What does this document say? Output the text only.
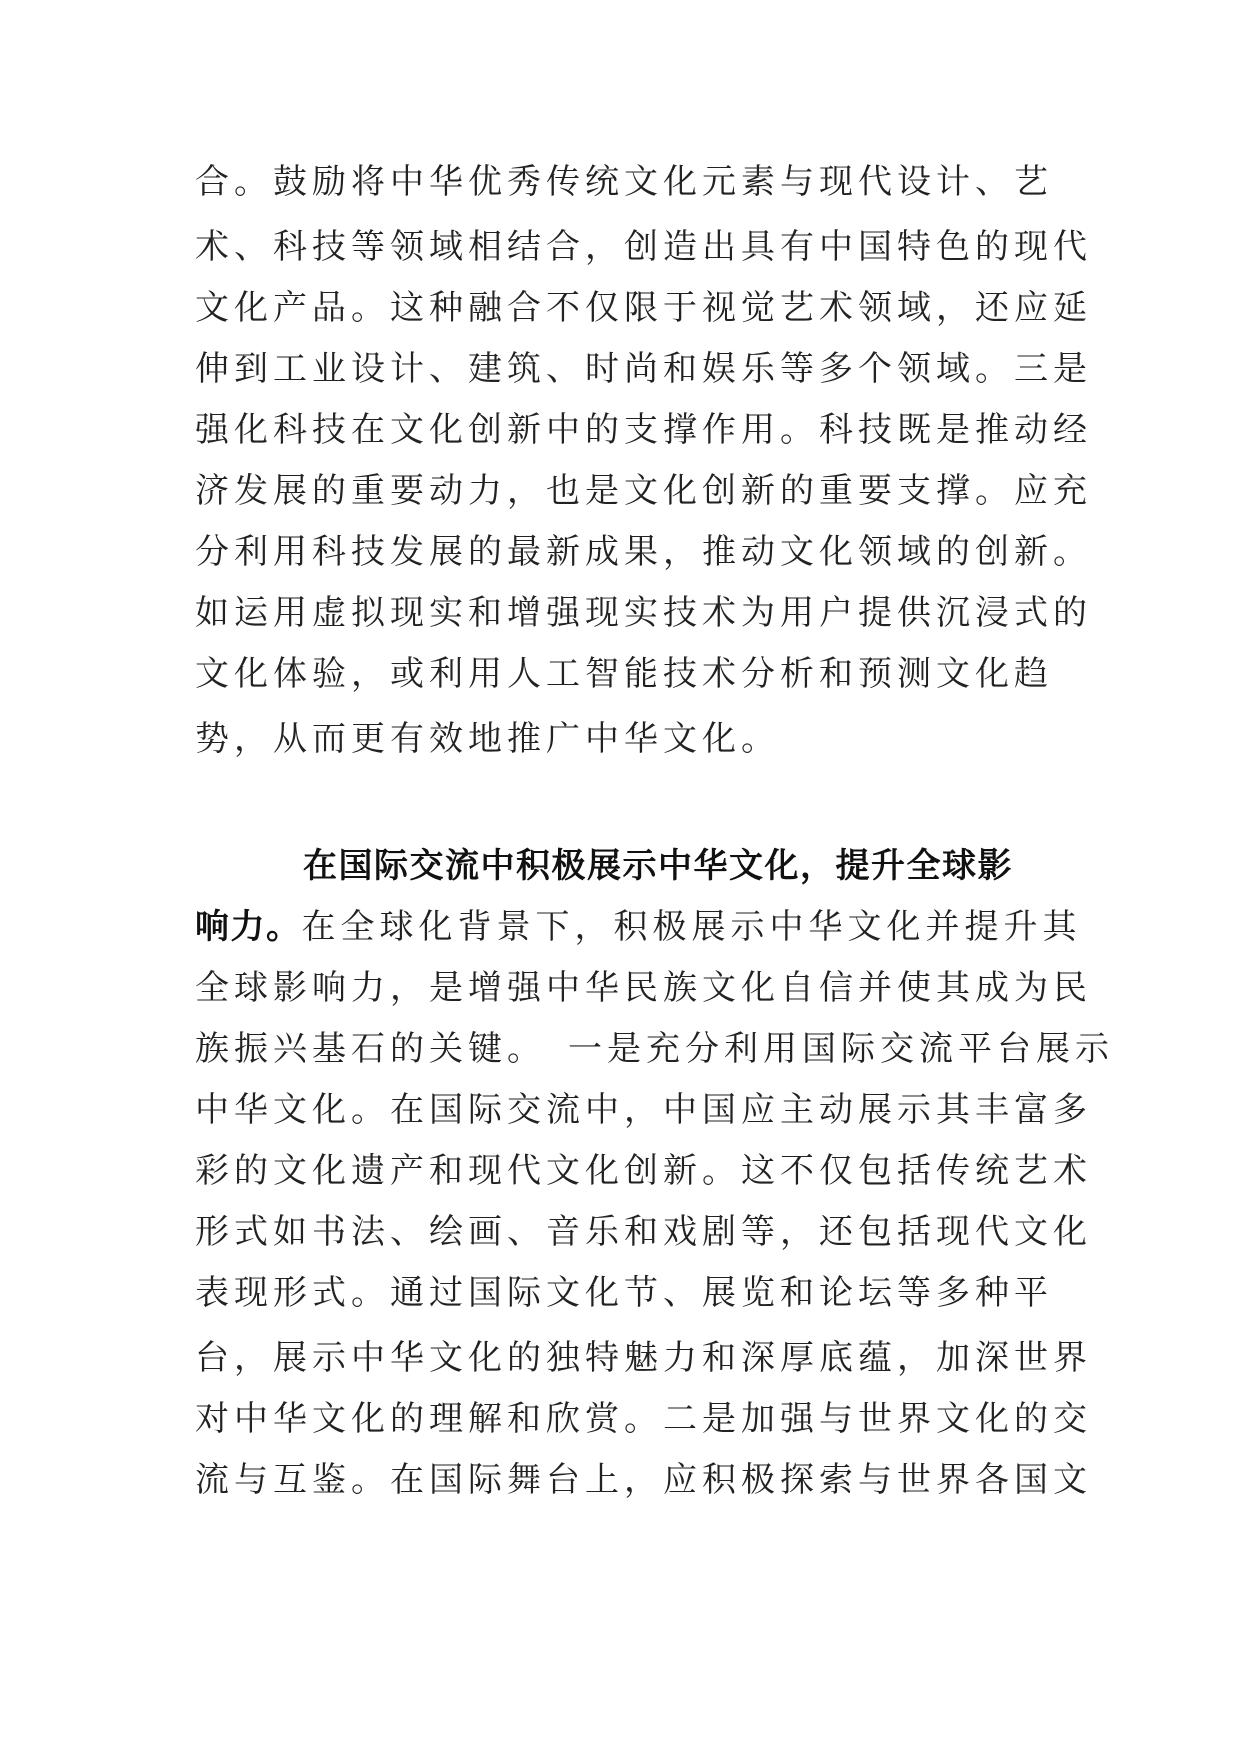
合。鼓励将中华优秀传统文化元素与现代设计、艺
术、科技等领域相结合，创造出具有中国特色的现代
文化产品。这种融合不仅限于视觉艺术领域，还应延
伸到工业设计、建筑、时尚和娱乐等多个领域。三是
强化科技在文化创新中的支撑作用。科技既是推动经
济发展的重要动力，也是文化创新的重要支撑。应充
分利用科技发展的最新成果，推动文化领域的创新。
如运用虚拟现实和增强现实技术为用户提供沉浸式的
文化体验，或利用人工智能技术分析和预测文化趋
势，从而更有效地推广中华文化。
在国际交流中积极展示中华文化，提升全球影
响力。在全球化背景下，积极展示中华文化并提升其
全球影响力，是增强中华民族文化自信并使其成为民
族振兴基石的关键。　一是充分利用国际交流平台展示
中华文化。在国际交流中，中国应主动展示其丰富多
彩的文化遗产和现代文化创新。这不仅包括传统艺术
形式如书法、绘画、音乐和戏剧等，还包括现代文化
表现形式。通过国际文化节、展览和论坛等多种平
台，展示中华文化的独特魅力和深厚底蕴，加深世界
对中华文化的理解和欣赏。二是加强与世界文化的交
流与互鉴。在国际舞台上，应积极探索与世界各国文
